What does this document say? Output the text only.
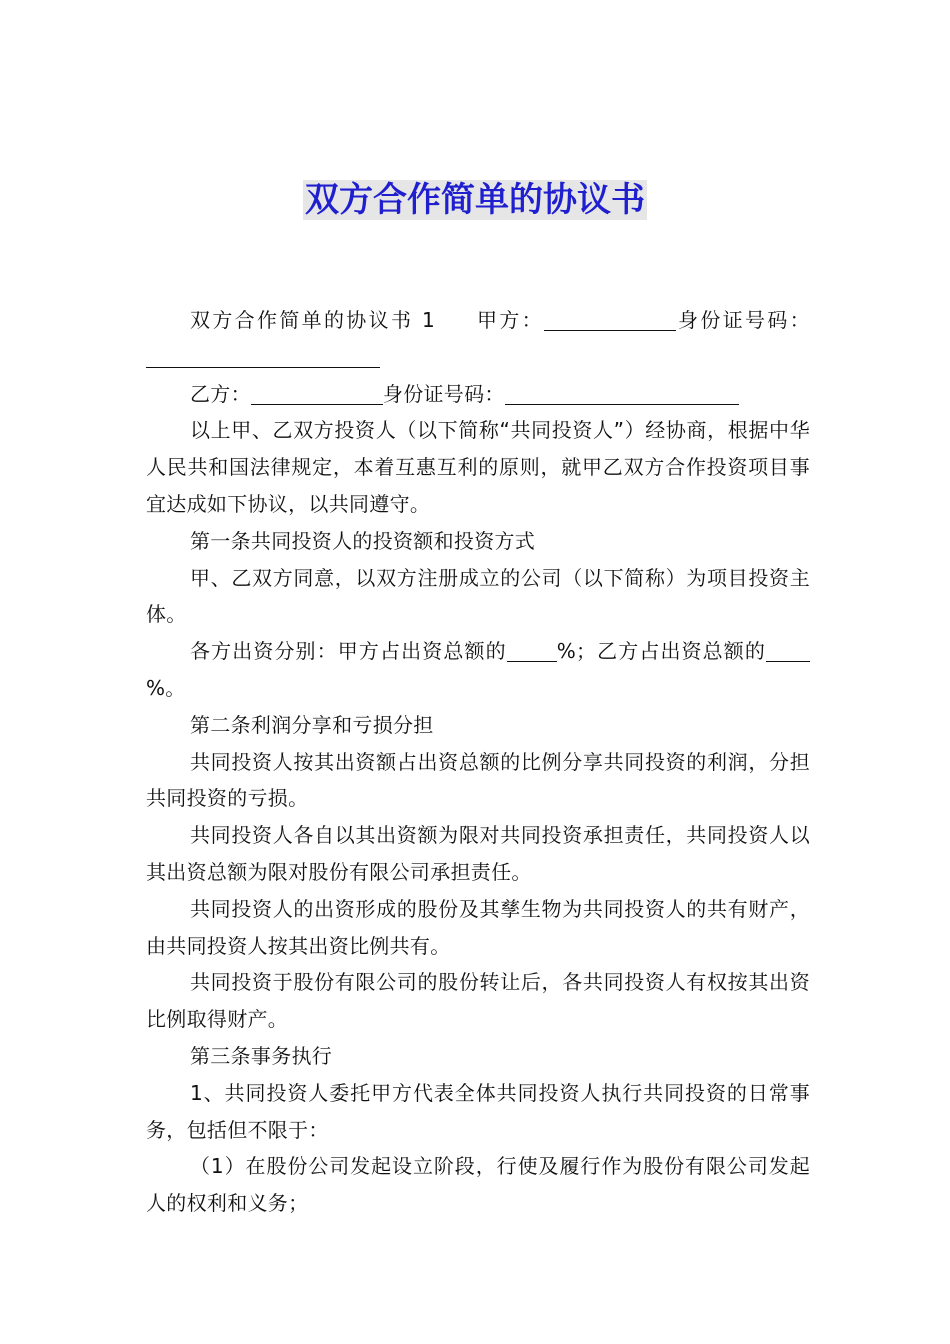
双方合作简单的协议书

双方合作简单的协议书 1 甲方：	身份证号码：

乙方：	身份证号码：

以上甲、乙双方投资人（以下简称“共同投资人”）经协商，根据中华人民共和国法律规定，本着互惠互利的原则，就甲乙双方合作投资项目事宜达成如下协议，以共同遵守。

第一条共同投资人的投资额和投资方式

甲、乙双方同意，以双方注册成立的公司（以下简称）为项目投资主体。

各方出资分别：甲方占出资总额的	%；乙方占出资总额的%。

第二条利润分享和亏损分担

共同投资人按其出资额占出资总额的比例分享共同投资的利润，分担共同投资的亏损。

共同投资人各自以其出资额为限对共同投资承担责任，共同投资人以其出资总额为限对股份有限公司承担责任。

共同投资人的出资形成的股份及其孳生物为共同投资人的共有财产，由共同投资人按其出资比例共有。

共同投资于股份有限公司的股份转让后，各共同投资人有权按其出资比例取得财产。

第三条事务执行

1、共同投资人委托甲方代表全体共同投资人执行共同投资的日常事务，包括但不限于：

（1）在股份公司发起设立阶段，行使及履行作为股份有限公司发起人的权利和义务；
